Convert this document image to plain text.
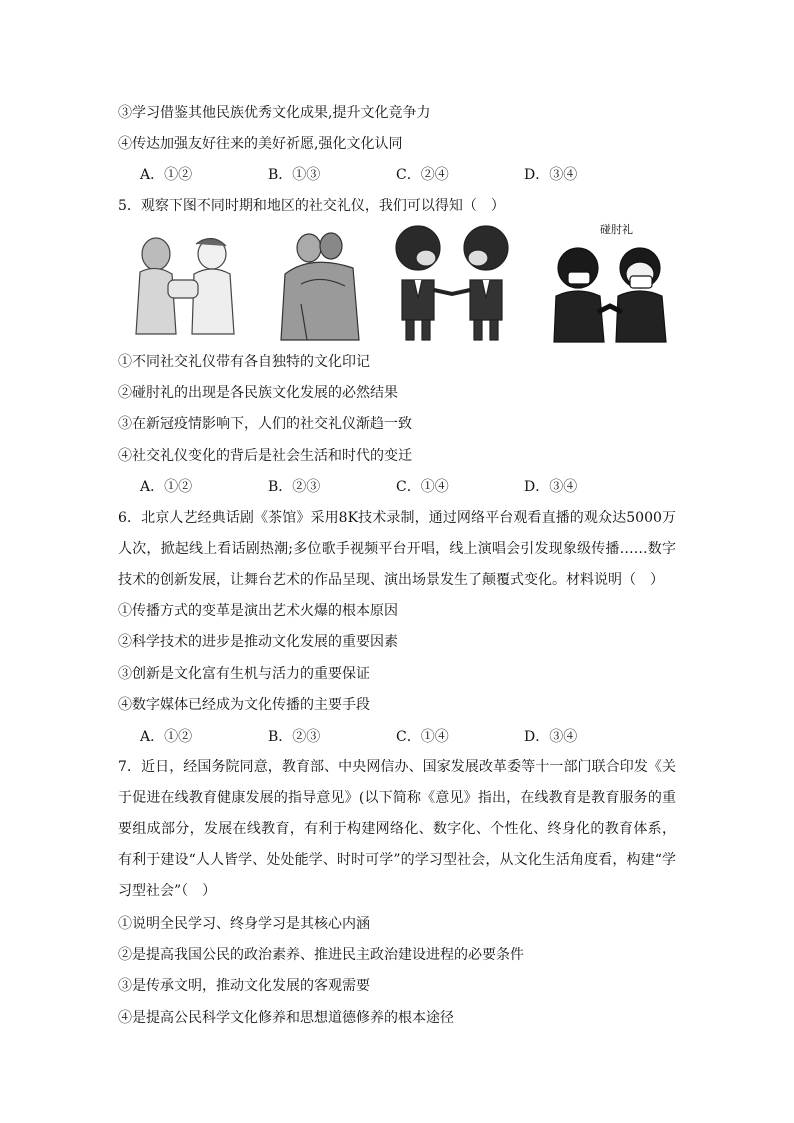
③学习借鉴其他民族优秀文化成果,提升文化竞争力
④传达加强友好往来的美好祈愿,强化文化认同
A．①②	B．①③	C．②④	D．③④
5．观察下图不同时期和地区的社交礼仪，我们可以得知（　）
碰肘礼
①不同社交礼仪带有各自独特的文化印记
②碰肘礼的出现是各民族文化发展的必然结果
③在新冠疫情影响下，人们的社交礼仪渐趋一致
④社交礼仪变化的背后是社会生活和时代的变迁
A．①②	B．②③	C．①④	D．③④
6．北京人艺经典话剧《茶馆》采用8K技术录制，通过网络平台观看直播的观众达5000万人次，掀起线上看话剧热潮;多位歌手视频平台开唱，线上演唱会引发现象级传播……数字技术的创新发展，让舞台艺术的作品呈现、演出场景发生了颠覆式变化。材料说明（　）
①传播方式的变革是演出艺术火爆的根本原因
②科学技术的进步是推动文化发展的重要因素
③创新是文化富有生机与活力的重要保证
④数字媒体已经成为文化传播的主要手段
A．①②	B．②③	C．①④	D．③④
7．近日，经国务院同意，教育部、中央网信办、国家发展改革委等十一部门联合印发《关于促进在线教育健康发展的指导意见》(以下简称《意见》指出，在线教育是教育服务的重要组成部分，发展在线教育，有利于构建网络化、数字化、个性化、终身化的教育体系，有利于建设“人人皆学、处处能学、时时可学”的学习型社会，从文化生活角度看，构建“学习型社会”（　）
①说明全民学习、终身学习是其核心内涵
②是提高我国公民的政治素养、推进民主政治建设进程的必要条件
③是传承文明，推动文化发展的客观需要
④是提高公民科学文化修养和思想道德修养的根本途径
